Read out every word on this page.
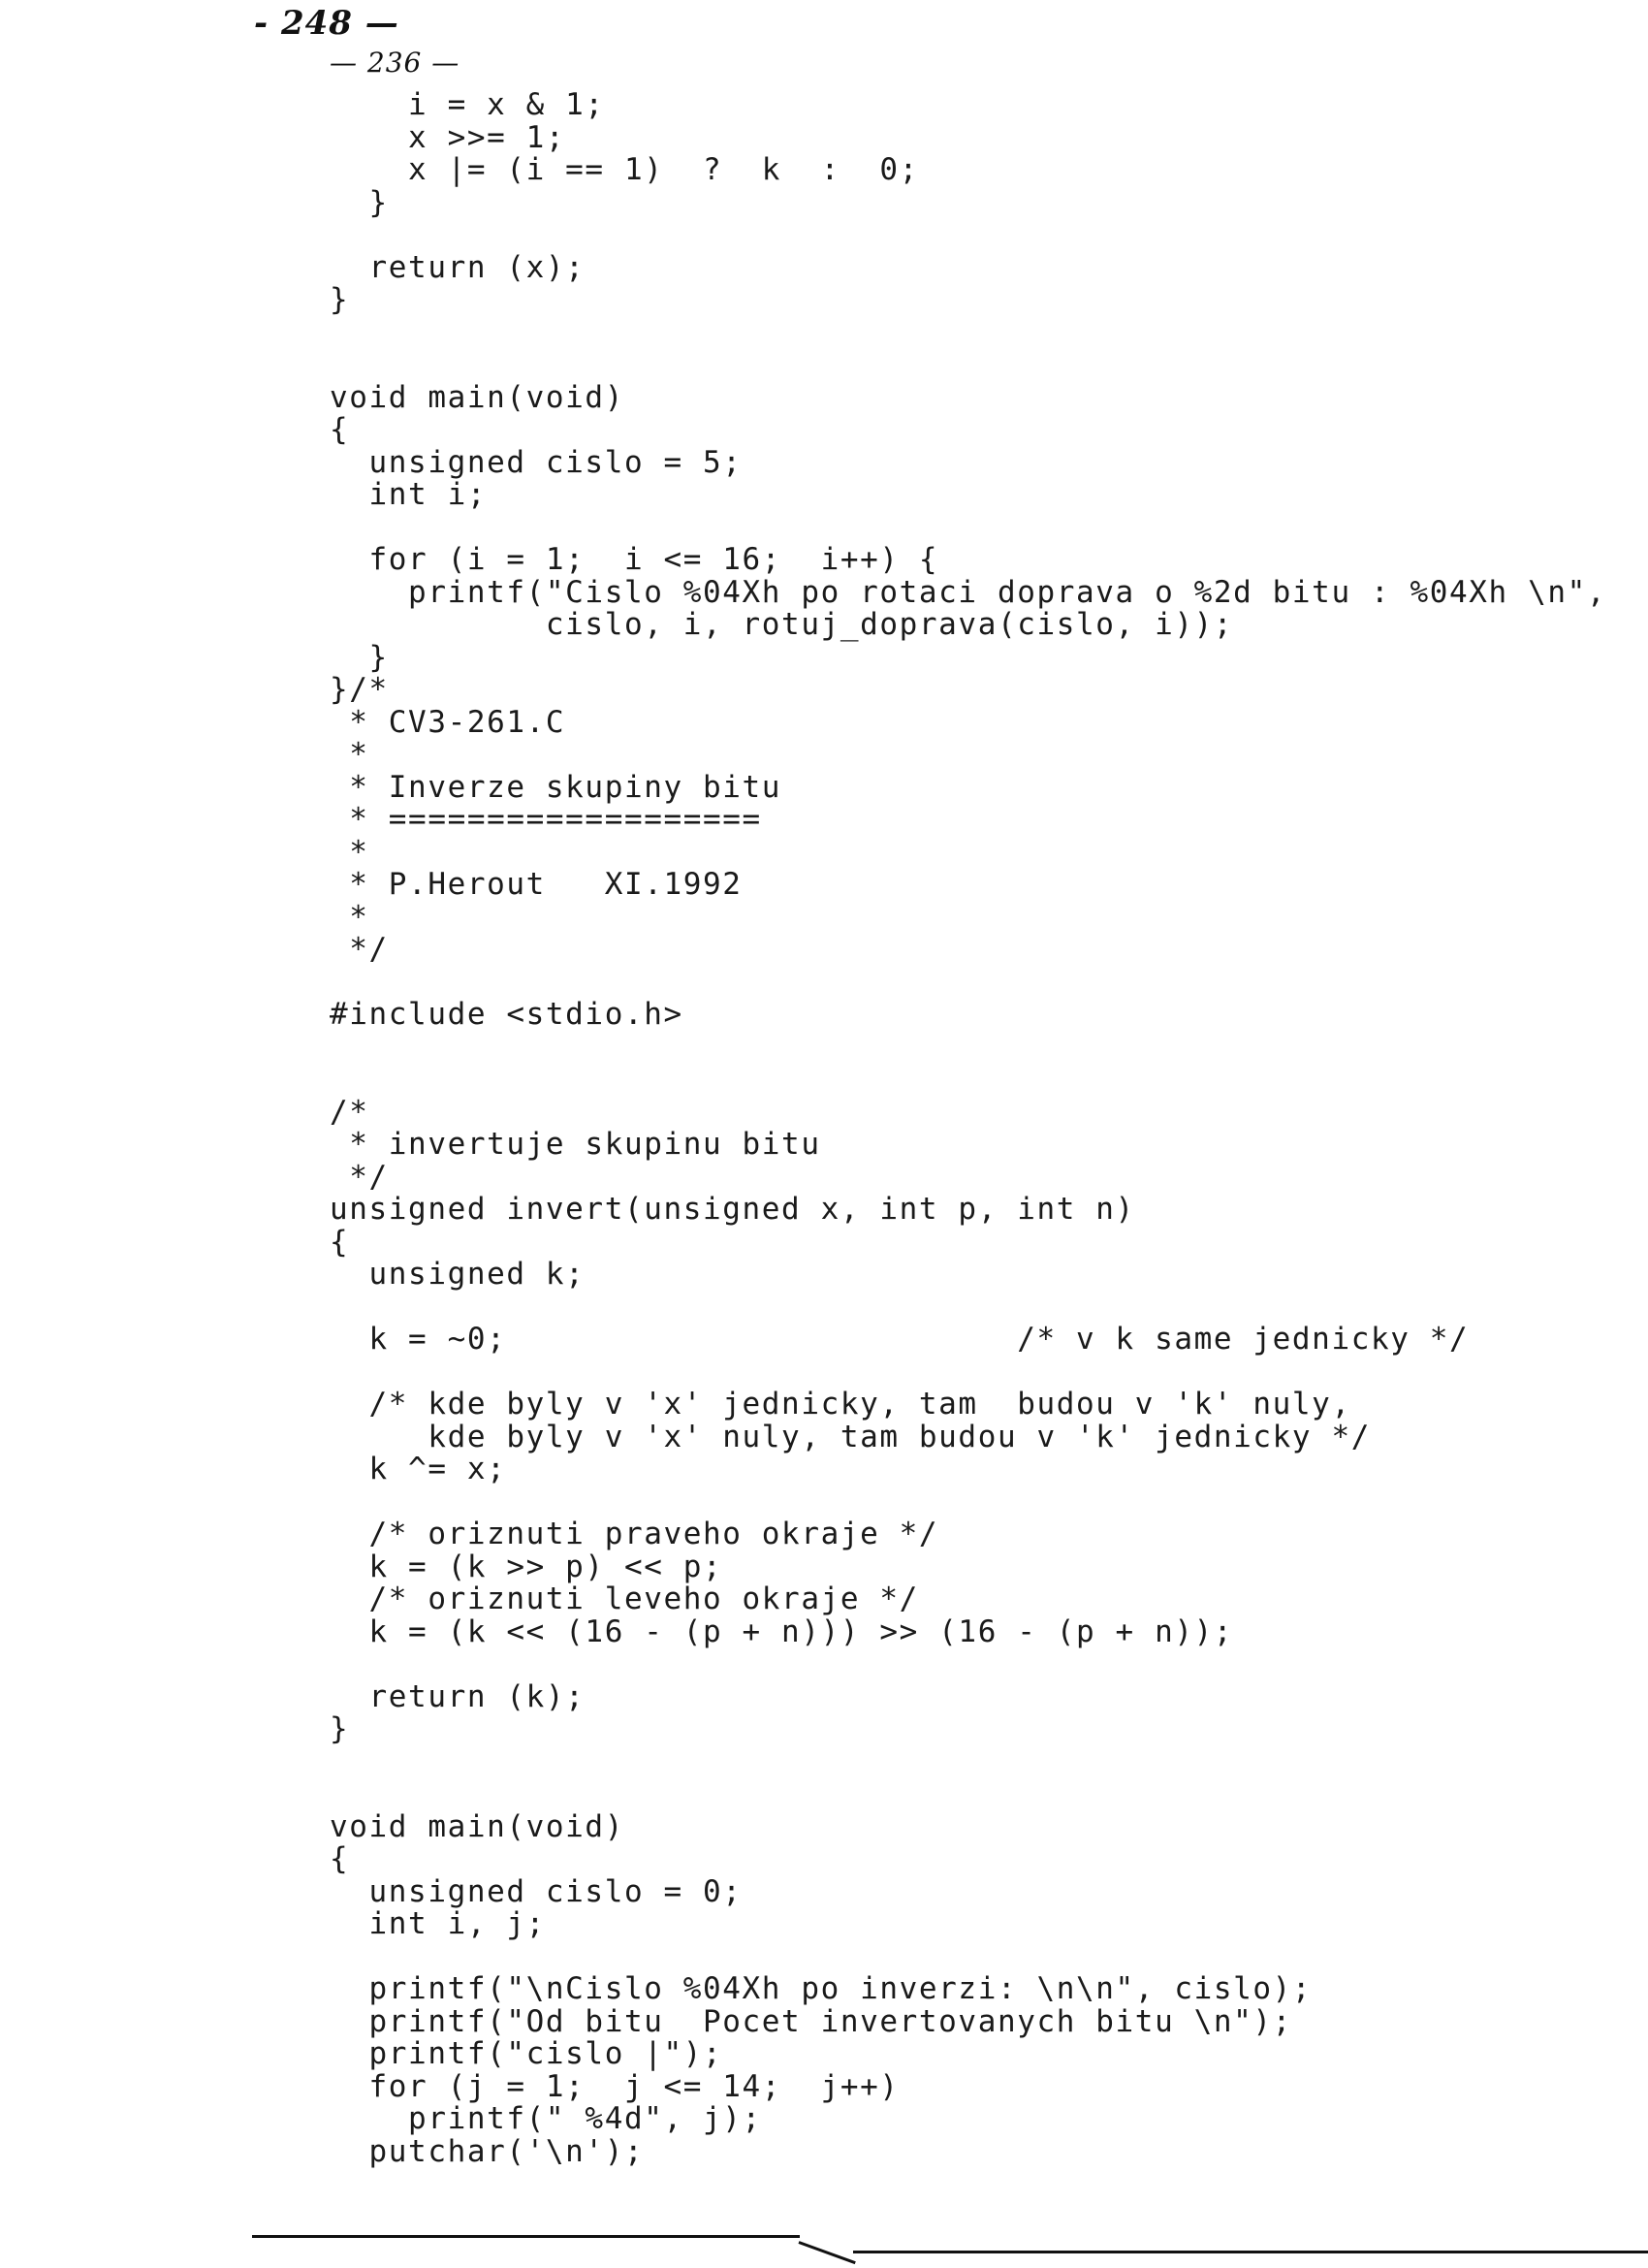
- 248 —
— 236 —
i = x & 1;
x >>= 1;
x |= (i == 1)  ?  k  :  0;
}
return (x);
}
void main(void)
{
unsigned cislo = 5;
int i;
for (i = 1;  i <= 16;  i++) {
printf("Cislo %04Xh po rotaci doprava o %2d bitu : %04Xh \n",
cislo, i, rotuj_doprava(cislo, i));
}
}/*
* CV3-261.C
*
* Inverze skupiny bitu
* ===================
*
* P.Herout   XI.1992
*
*/
#include <stdio.h>
/*
* invertuje skupinu bitu
*/
unsigned invert(unsigned x, int p, int n)
{
unsigned k;
k = ~0;                          /* v k same jednicky */
/* kde byly v 'x' jednicky, tam  budou v 'k' nuly,
kde byly v 'x' nuly, tam budou v 'k' jednicky */
k ^= x;
/* oriznuti praveho okraje */
k = (k >> p) << p;
/* oriznuti leveho okraje */
k = (k << (16 - (p + n))) >> (16 - (p + n));
return (k);
}
void main(void)
{
unsigned cislo = 0;
int i, j;
printf("\nCislo %04Xh po inverzi: \n\n", cislo);
printf("Od bitu  Pocet invertovanych bitu \n");
printf("cislo |");
for (j = 1;  j <= 14;  j++)
printf(" %4d", j);
putchar('\n');
